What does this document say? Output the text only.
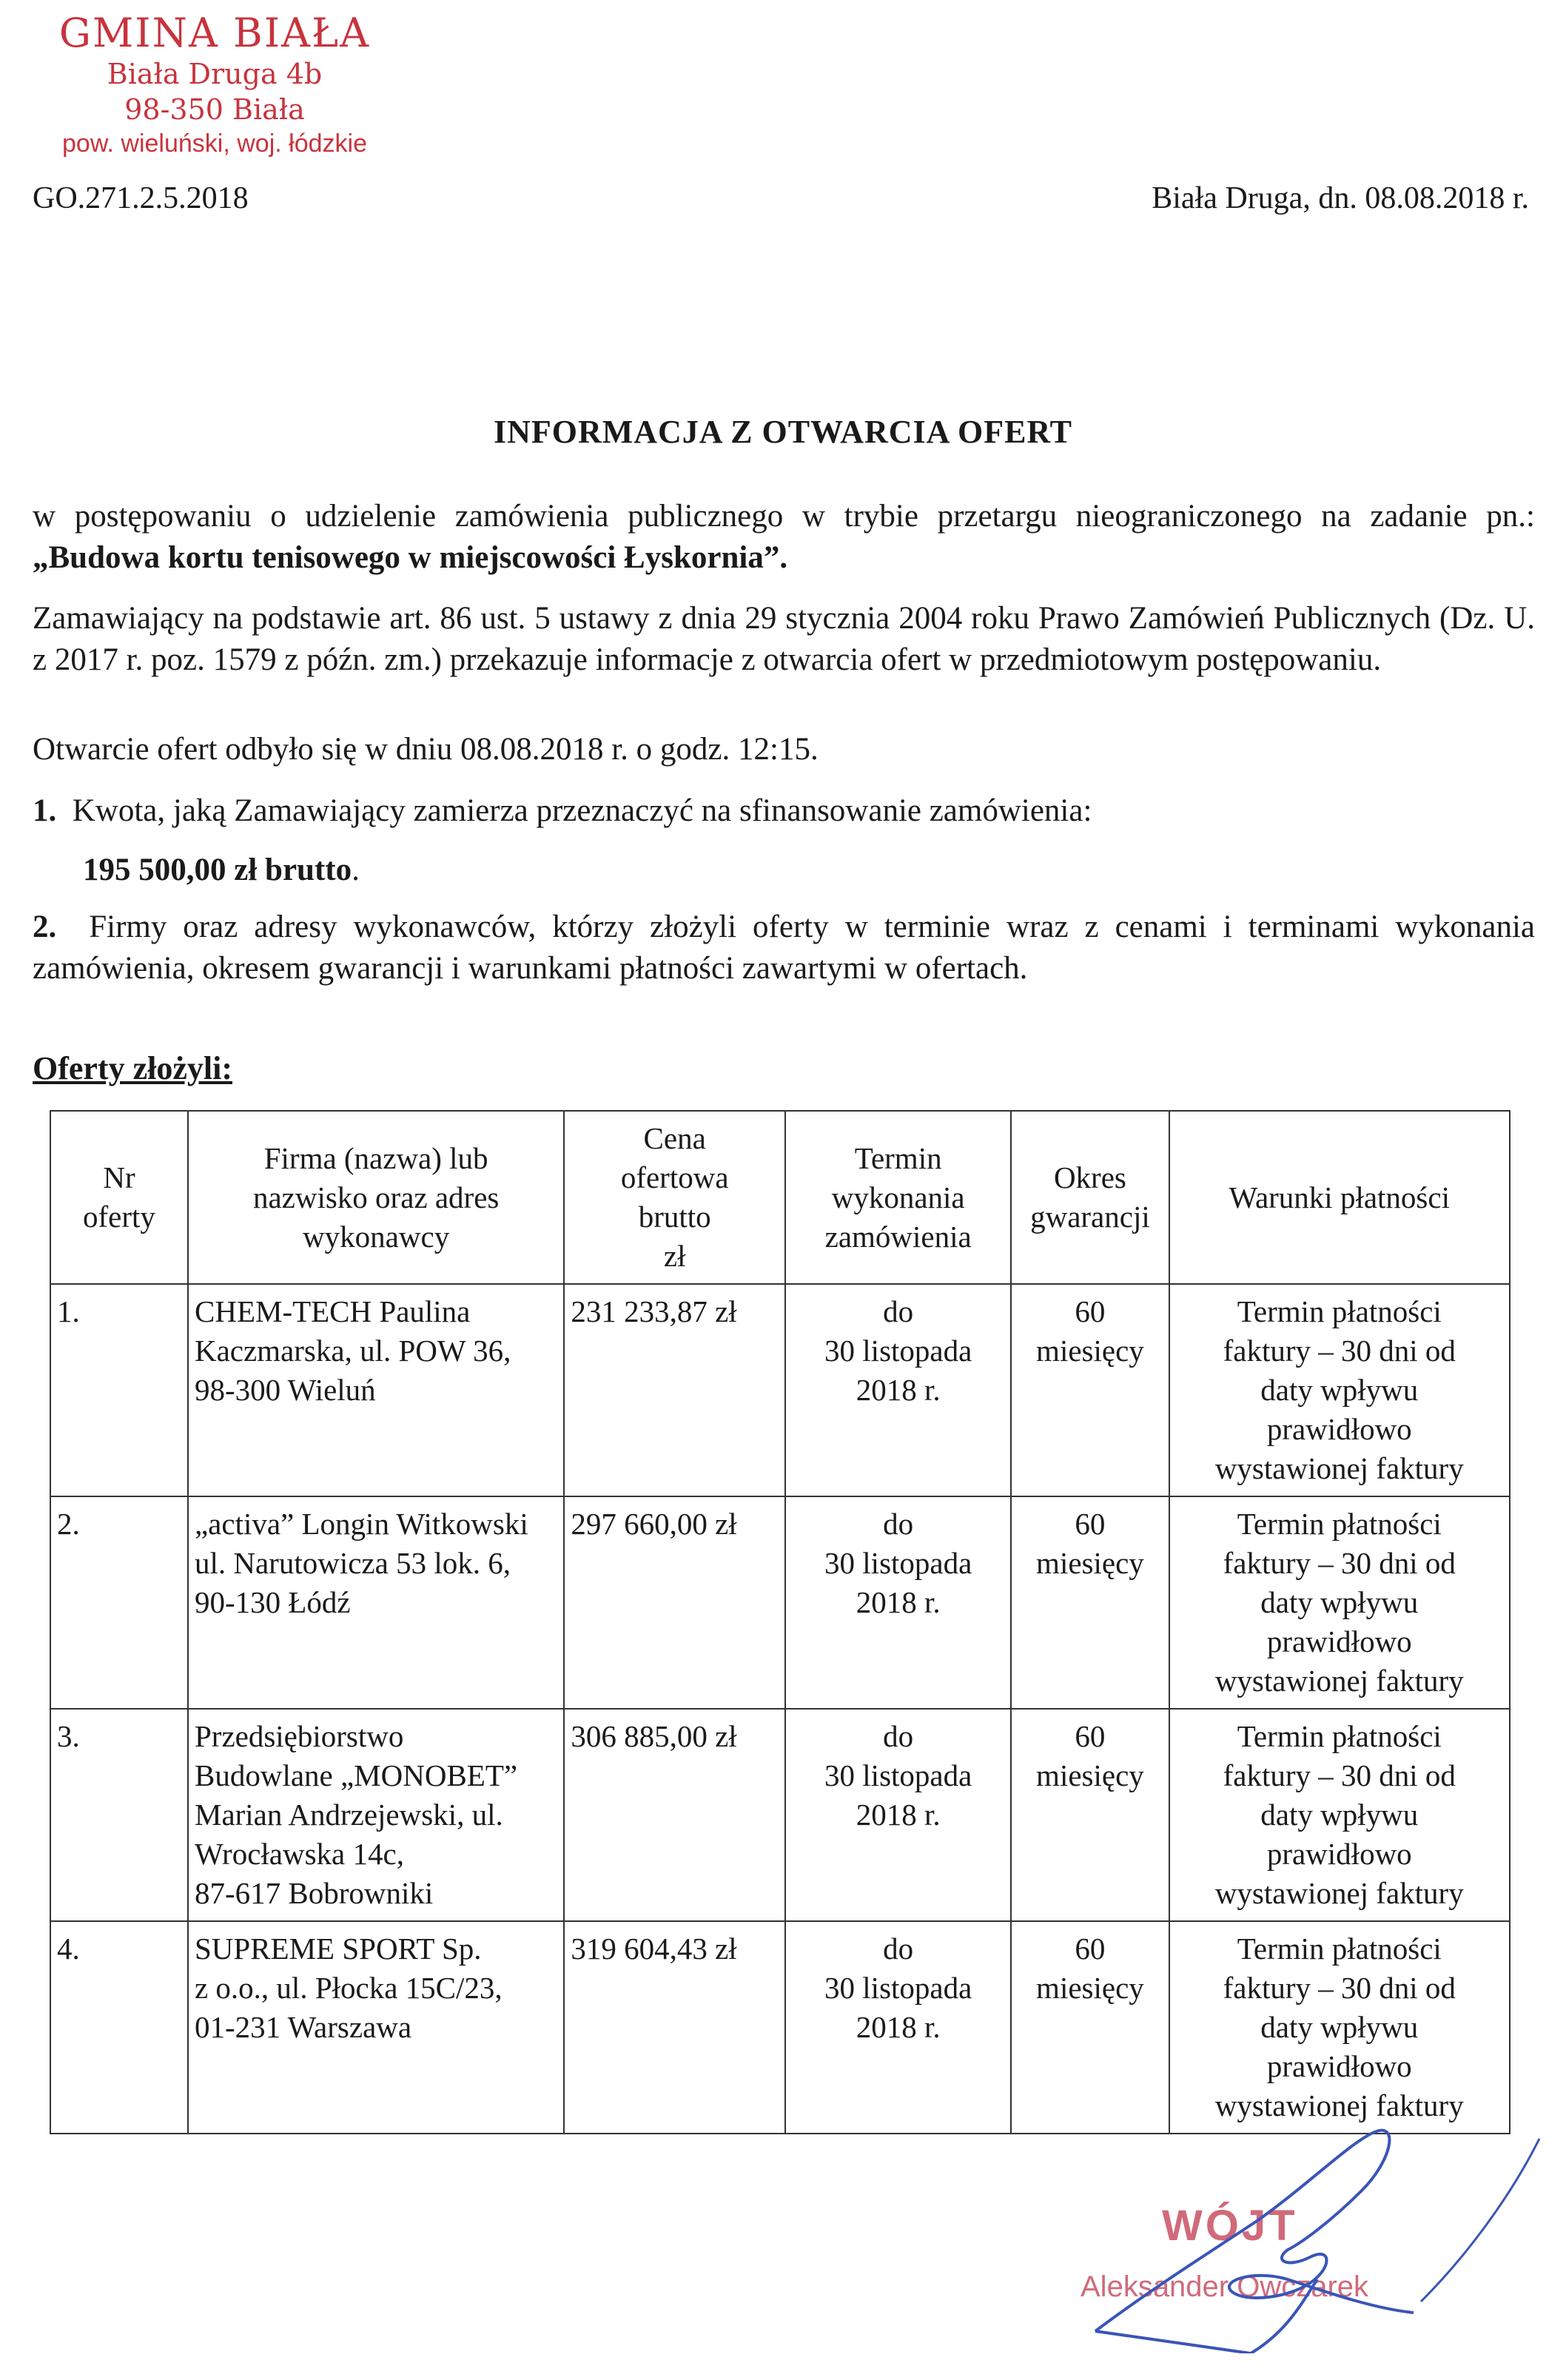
GMINA BIAŁA
Biała Druga 4b
98-350 Biała
pow. wieluński, woj. łódzkie
GO.271.2.5.2018	Biała Druga, dn. 08.08.2018 r.
INFORMACJA Z OTWARCIA OFERT
w postępowaniu o udzielenie zamówienia publicznego w trybie przetargu nieograniczonego na zadanie pn.: „Budowa kortu tenisowego w miejscowości Łyskornia”.
Zamawiający na podstawie art. 86 ust. 5 ustawy z dnia 29 stycznia 2004 roku Prawo Zamówień Publicznych (Dz. U. z 2017 r. poz. 1579 z późn. zm.) przekazuje informacje z otwarcia ofert w przedmiotowym postępowaniu.
Otwarcie ofert odbyło się w dniu 08.08.2018 r. o godz. 12:15.
1. Kwota, jaką Zamawiający zamierza przeznaczyć na sfinansowanie zamówienia:
195 500,00 zł brutto.
2. Firmy oraz adresy wykonawców, którzy złożyli oferty w terminie wraz z cenami i terminami wykonania zamówienia, okresem gwarancji i warunkami płatności zawartymi w ofertach.
Oferty złożyli:
Nr
oferty	Firma (nazwa) lub
nazwisko oraz adres
wykonawcy	Cena
ofertowa
brutto
zł	Termin
wykonania
zamówienia	Okres
gwarancji	Warunki płatności
1.	CHEM-TECH Paulina
Kaczmarska, ul. POW 36,
98-300 Wieluń	231 233,87 zł	do
30 listopada
2018 r.	60
miesięcy	Termin płatności
faktury – 30 dni od
daty wpływu
prawidłowo
wystawionej faktury
2.	„activa” Longin Witkowski
ul. Narutowicza 53 lok. 6,
90-130 Łódź	297 660,00 zł	do
30 listopada
2018 r.	60
miesięcy	Termin płatności
faktury – 30 dni od
daty wpływu
prawidłowo
wystawionej faktury
3.	Przedsiębiorstwo
Budowlane „MONOBET”
Marian Andrzejewski, ul.
Wrocławska 14c,
87-617 Bobrowniki	306 885,00 zł	do
30 listopada
2018 r.	60
miesięcy	Termin płatności
faktury – 30 dni od
daty wpływu
prawidłowo
wystawionej faktury
4.	SUPREME SPORT Sp.
z o.o., ul. Płocka 15C/23,
01-231 Warszawa	319 604,43 zł	do
30 listopada
2018 r.	60
miesięcy	Termin płatności
faktury – 30 dni od
daty wpływu
prawidłowo
wystawionej faktury
WÓJT
Aleksander Owczarek
